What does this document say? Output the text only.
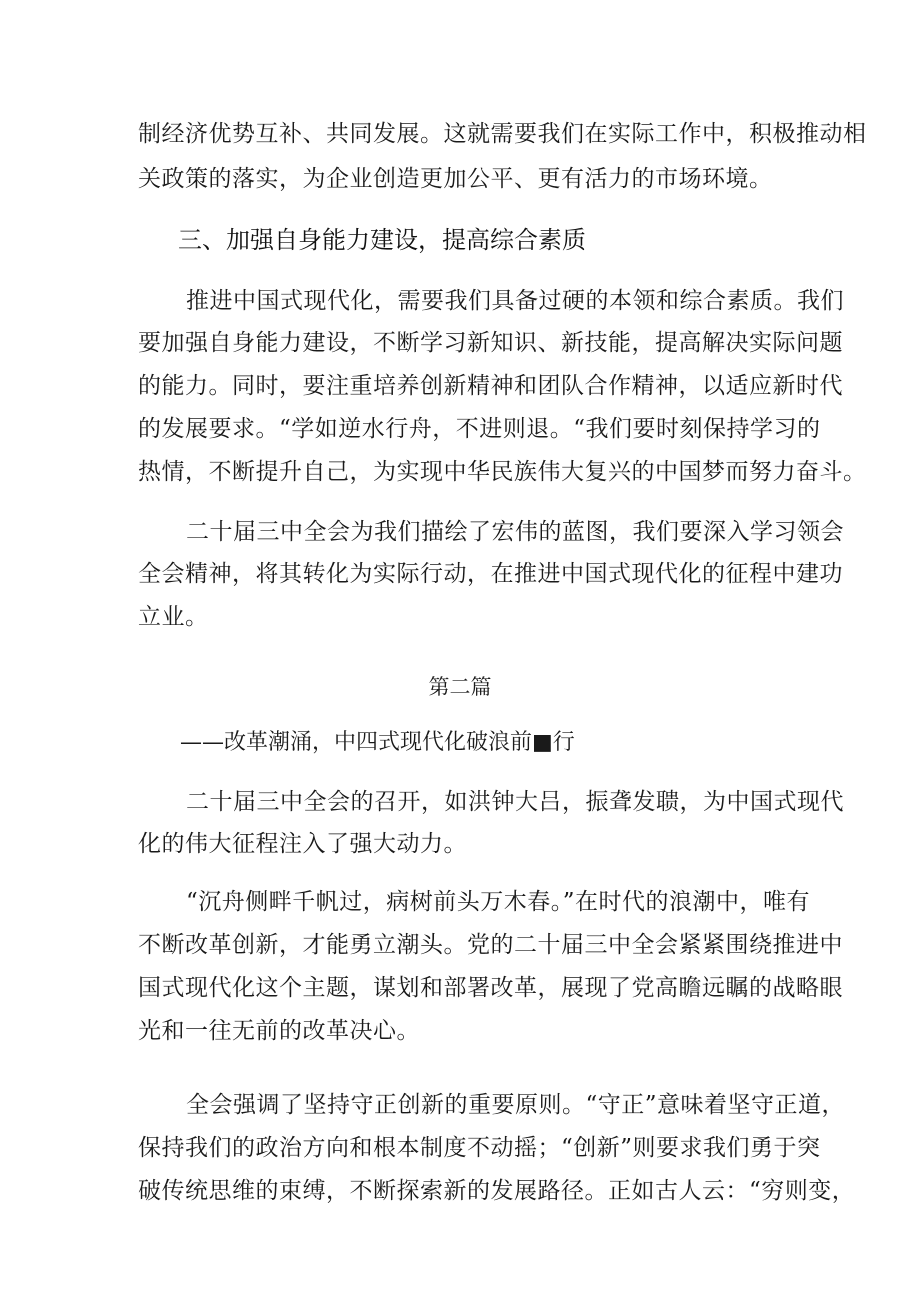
制经济优势互补、共同发展。这就需要我们在实际工作中，积极推动相
关政策的落实，为企业创造更加公平、更有活力的市场环境。
三、加强自身能力建设，提高综合素质
推进中国式现代化，需要我们具备过硬的本领和综合素质。我们
要加强自身能力建设，不断学习新知识、新技能，提高解决实际问题
的能力。同时，要注重培养创新精神和团队合作精神，以适应新时代
的发展要求。“学如逆水行舟，不进则退。“我们要时刻保持学习的
热情，不断提升自己，为实现中华民族伟大复兴的中国梦而努力奋斗。
二十届三中全会为我们描绘了宏伟的蓝图，我们要深入学习领会
全会精神，将其转化为实际行动，在推进中国式现代化的征程中建功
立业。
第二篇
——改革潮涌，中四式现代化破浪前■行
二十届三中全会的召开，如洪钟大吕，振聋发聩，为中国式现代
化的伟大征程注入了强大动力。
“沉舟侧畔千帆过，病树前头万木春。”在时代的浪潮中，唯有
不断改革创新，才能勇立潮头。党的二十届三中全会紧紧围绕推进中
国式现代化这个主题，谋划和部署改革，展现了党高瞻远瞩的战略眼
光和一往无前的改革决心。
全会强调了坚持守正创新的重要原则。“守正”意味着坚守正道，
保持我们的政治方向和根本制度不动摇；“创新”则要求我们勇于突
破传统思维的束缚，不断探索新的发展路径。正如古人云：“穷则变，
